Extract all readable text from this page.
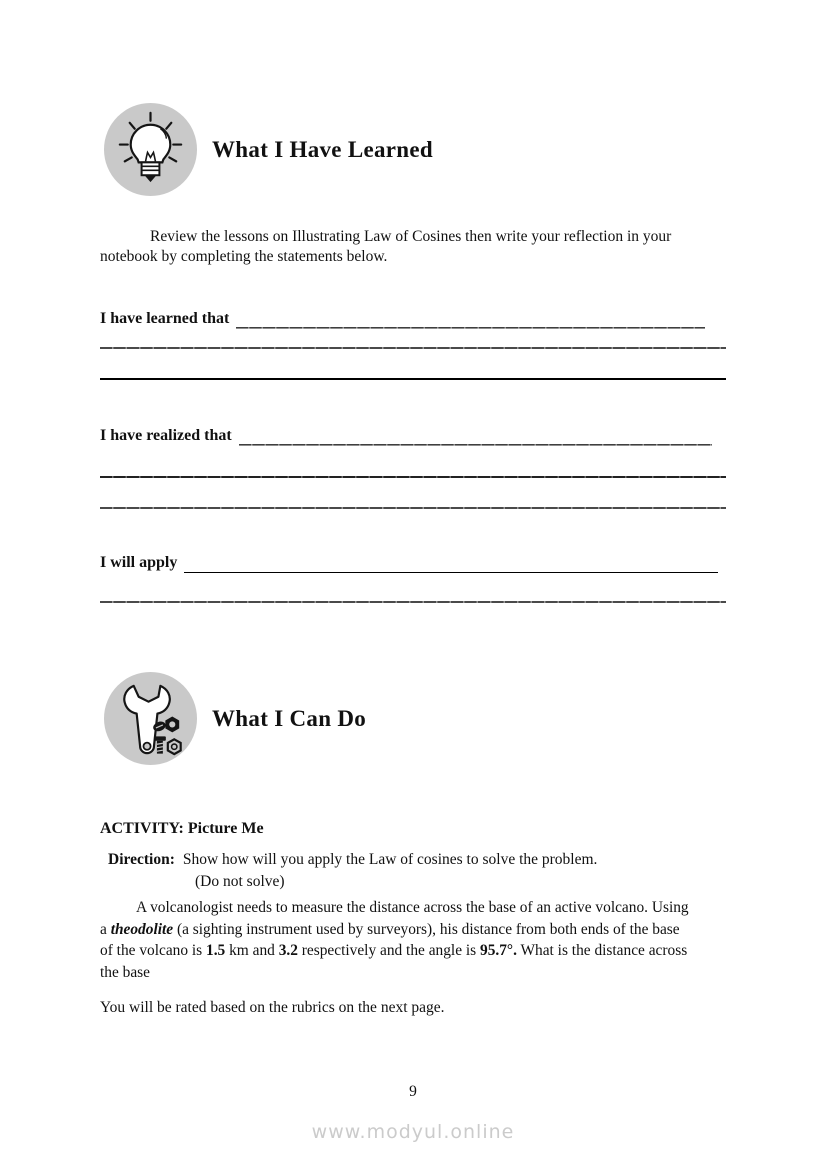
What I Have Learned

Review the lessons on Illustrating Law of Cosines then write your reflection in your notebook by completing the statements below.

I have learned that
I have realized that
I will apply
What I Can Do
ACTIVITY: Picture Me
Direction: Show how will you apply the Law of cosines to solve the problem.
(Do not solve)
A volcanologist needs to measure the distance across the base of an active volcano. Using
a theodolite (a sighting instrument used by surveyors), his distance from both ends of the base
of the volcano is 1.5 km and 3.2 respectively and the angle is 95.7°. What is the distance across
the base
You will be rated based on the rubrics on the next page.
9
www.modyul.online
